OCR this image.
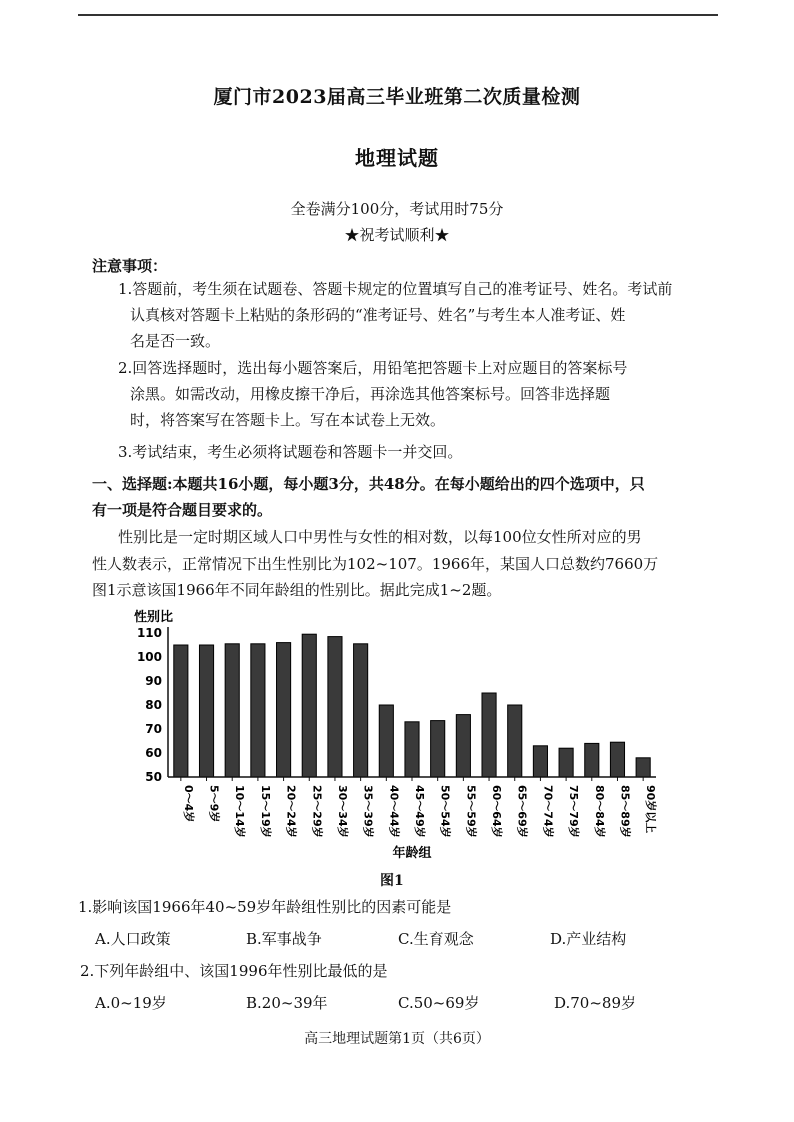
厦门市2023届高三毕业班第二次质量检测
地理试题
全卷满分100分，考试用时75分
★祝考试顺利★
注意事项：
1.答题前，考生须在试题卷、答题卡规定的位置填写自己的准考证号、姓名。考试前
认真核对答题卡上粘贴的条形码的“准考证号、姓名”与考生本人准考证、姓
名是否一致。
2.回答选择题时，选出每小题答案后，用铅笔把答题卡上对应题目的答案标号
涂黑。如需改动，用橡皮擦干净后，再涂选其他答案标号。回答非选择题
时，将答案写在答题卡上。写在本试卷上无效。
3.考试结束，考生必须将试题卷和答题卡一并交回。
一、选择题:本题共16小题，每小题3分，共48分。在每小题给出的四个选项中，只
有一项是符合题目要求的。
性别比是一定时期区域人口中男性与女性的相对数，以每100位女性所对应的男
性人数表示，正常情况下出生性别比为102~107。1966年，某国人口总数约7660万
图1示意该国1966年不同年龄组的性别比。据此完成1~2题。
性别比
110
100
90
80
70
60
50
0～4岁 5～9岁 10～14岁 15～19岁 20～24岁 25～29岁 30～34岁 35～39岁 40～44岁 45～49岁 50～54岁 55～59岁 60～64岁 65～69岁 70～74岁 75～79岁 80～84岁 85～89岁 90岁以上
年龄组
图1
1.影响该国1966年40~59岁年龄组性别比的因素可能是
A.人口政策	B.军事战争	C.生育观念	D.产业结构
2.下列年龄组中、该国1996年性别比最低的是
A.0~19岁	B.20~39年	C.50~69岁	D.70~89岁
高三地理试题第1页（共6页）
